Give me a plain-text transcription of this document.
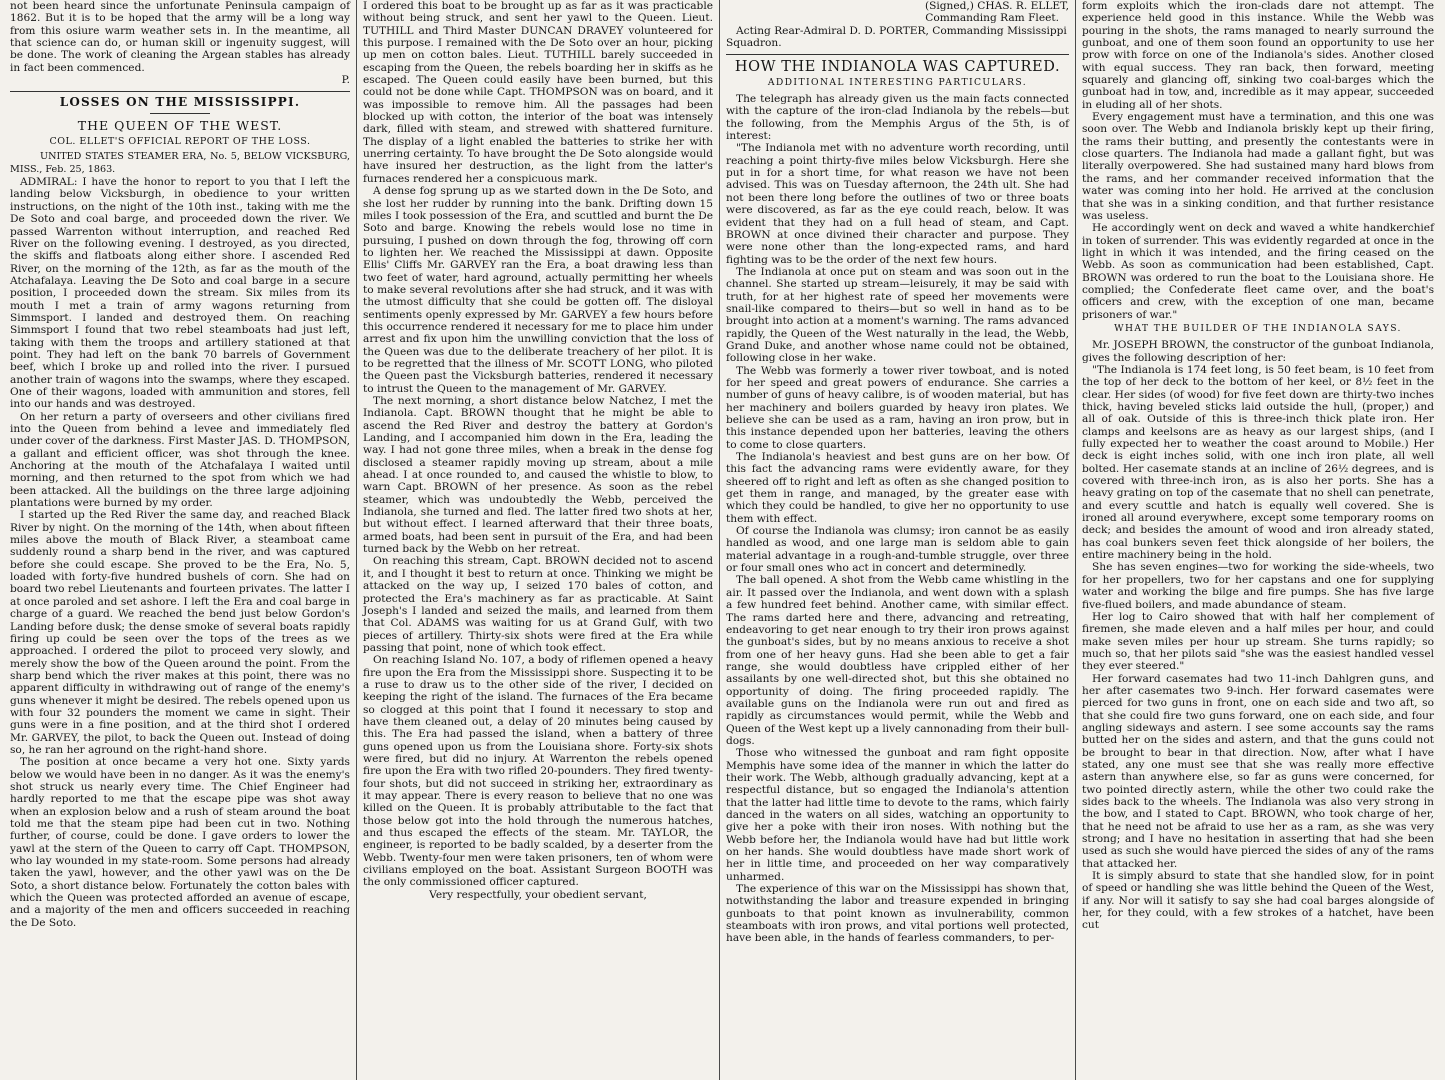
not been heard since the unfortunate Peninsula campaign of 1862. But it is to be hoped that the army will be a long way from this osiure warm weather sets in. In the meantime, all that science can do, or human skill or ingenuity suggest, will be done. The work of cleaning the Argean stables has already in fact been commenced.

P.

LOSSES ON THE MISSISSIPPI.
THE QUEEN OF THE WEST.
COL. ELLET'S OFFICIAL REPORT OF THE LOSS.

UNITED STATES STEAMER ERA, No. 5, BELOW VICKSBURG, MISS., Feb. 25, 1863.

ADMIRAL: I have the honor to report to you that I left the landing below Vicksburgh, in obedience to your written instructions, on the night of the 10th inst., taking with me the De Soto and coal barge, and proceeded down the river. We passed Warrenton without interruption, and reached Red River on the following evening. I destroyed, as you directed, the skiffs and flatboats along either shore. I ascended Red River, on the morning of the 12th, as far as the mouth of the Atchafalaya. Leaving the De Soto and coal barge in a secure position, I proceeded down the stream. Six miles from its mouth I met a train of army wagons returning from Simmsport. I landed and destroyed them. On reaching Simmsport I found that two rebel steamboats had just left, taking with them the troops and artillery stationed at that point. They had left on the bank 70 barrels of Government beef, which I broke up and rolled into the river. I pursued another train of wagons into the swamps, where they escaped. One of their wagons, loaded with ammunition and stores, fell into our hands and was destroyed.

On her return a party of overseers and other civilians fired into the Queen from behind a levee and immediately fled under cover of the darkness. First Master JAS. D. THOMPSON, a gallant and efficient officer, was shot through the knee. Anchoring at the mouth of the Atchafalaya I waited until morning, and then returned to the spot from which we had been attacked. All the buildings on the three large adjoining plantations were burned by my order.

I started up the Red River the same day, and reached Black River by night. On the morning of the 14th, when about fifteen miles above the mouth of Black River, a steamboat came suddenly round a sharp bend in the river, and was captured before she could escape. She proved to be the Era, No. 5, loaded with forty-five hundred bushels of corn. She had on board two rebel Lieutenants and fourteen privates. The latter I at once paroled and set ashore. I left the Era and coal barge in charge of a guard. We reached the bend just below Gordon's Landing before dusk; the dense smoke of several boats rapidly firing up could be seen over the tops of the trees as we approached. I ordered the pilot to proceed very slowly, and merely show the bow of the Queen around the point. From the sharp bend which the river makes at this point, there was no apparent difficulty in withdrawing out of range of the enemy's guns whenever it might be desired. The rebels opened upon us with four 32 pounders the moment we came in sight. Their guns were in a fine position, and at the third shot I ordered Mr. GARVEY, the pilot, to back the Queen out. Instead of doing so, he ran her aground on the right-hand shore.

The position at once became a very hot one. Sixty yards below we would have been in no danger. As it was the enemy's shot struck us nearly every time. The Chief Engineer had hardly reported to me that the escape pipe was shot away when an explosion below and a rush of steam around the boat told me that the steam pipe had been cut in two. Nothing further, of course, could be done. I gave orders to lower the yawl at the stern of the Queen to carry off Capt. THOMPSON, who lay wounded in my state-room. Some persons had already taken the yawl, however, and the other yawl was on the De Soto, a short distance below. Fortunately the cotton bales with which the Queen was protected afforded an avenue of escape, and a majority of the men and officers succeeded in reaching the De Soto.

I ordered this boat to be brought up as far as it was practicable without being struck, and sent her yawl to the Queen. Lieut. TUTHILL and Third Master DUNCAN DRAVEY volunteered for this purpose. I remained with the De Soto over an hour, picking up men on cotton bales. Lieut. TUTHILL barely succeeded in escaping from the Queen, the rebels boarding her in skiffs as he escaped. The Queen could easily have been burned, but this could not be done while Capt. THOMPSON was on board, and it was impossible to remove him. All the passages had been blocked up with cotton, the interior of the boat was intensely dark, filled with steam, and strewed with shattered furniture. The display of a light enabled the batteries to strike her with unerring certainty. To have brought the De Soto alongside would have insured her destruction, as the light from the latter's furnaces rendered her a conspicuous mark.

A dense fog sprung up as we started down in the De Soto, and she lost her rudder by running into the bank. Drifting down 15 miles I took possession of the Era, and scuttled and burnt the De Soto and barge. Knowing the rebels would lose no time in pursuing, I pushed on down through the fog, throwing off corn to lighten her. We reached the Mississippi at dawn. Opposite Ellis' Cliffs Mr. GARVEY ran the Era, a boat drawing less than two feet of water, hard aground, actually permitting her wheels to make several revolutions after she had struck, and it was with the utmost difficulty that she could be gotten off. The disloyal sentiments openly expressed by Mr. GARVEY a few hours before this occurrence rendered it necessary for me to place him under arrest and fix upon him the unwilling conviction that the loss of the Queen was due to the deliberate treachery of her pilot. It is to be regretted that the illness of Mr. SCOTT LONG, who piloted the Queen past the Vicksburgh batteries, rendered it necessary to intrust the Queen to the management of Mr. GARVEY.

The next morning, a short distance below Natchez, I met the Indianola. Capt. BROWN thought that he might be able to ascend the Red River and destroy the battery at Gordon's Landing, and I accompanied him down in the Era, leading the way. I had not gone three miles, when a break in the dense fog disclosed a steamer rapidly moving up stream, about a mile ahead. I at once rounded to, and caused the whistle to blow, to warn Capt. BROWN of her presence. As soon as the rebel steamer, which was undoubtedly the Webb, perceived the Indianola, she turned and fled. The latter fired two shots at her, but without effect. I learned afterward that their three boats, armed boats, had been sent in pursuit of the Era, and had been turned back by the Webb on her retreat.

On reaching this stream, Capt. BROWN decided not to ascend it, and I thought it best to return at once. Thinking we might be attacked on the way up, I seized 170 bales of cotton, and protected the Era's machinery as far as practicable. At Saint Joseph's I landed and seized the mails, and learned from them that Col. ADAMS was waiting for us at Grand Gulf, with two pieces of artillery. Thirty-six shots were fired at the Era while passing that point, none of which took effect.

On reaching Island No. 107, a body of riflemen opened a heavy fire upon the Era from the Mississippi shore. Suspecting it to be a ruse to draw us to the other side of the river, I decided on keeping the right of the island. The furnaces of the Era became so clogged at this point that I found it necessary to stop and have them cleaned out, a delay of 20 minutes being caused by this. The Era had passed the island, when a battery of three guns opened upon us from the Louisiana shore. Forty-six shots were fired, but did no injury. At Warrenton the rebels opened fire upon the Era with two rifled 20-pounders. They fired twenty-four shots, but did not succeed in striking her, extraordinary as it may appear. There is every reason to believe that no one was killed on the Queen. It is probably attributable to the fact that those below got into the hold through the numerous hatches, and thus escaped the effects of the steam. Mr. TAYLOR, the engineer, is reported to be badly scalded, by a deserter from the Webb. Twenty-four men were taken prisoners, ten of whom were civilians employed on the boat. Assistant Surgeon BOOTH was the only commissioned officer captured.

Very respectfully, your obedient servant,

(Signed,) CHAS. R. ELLET,
Commanding Ram Fleet.
Acting Rear-Admiral D. D. PORTER, Commanding Mississippi Squadron.
HOW THE INDIANOLA WAS CAPTURED.
ADDITIONAL INTERESTING PARTICULARS.

The telegraph has already given us the main facts connected with the capture of the iron-clad Indianola by the rebels—but the following, from the Memphis Argus of the 5th, is of interest:

"The Indianola met with no adventure worth recording, until reaching a point thirty-five miles below Vicksburgh. Here she put in for a short time, for what reason we have not been advised. This was on Tuesday afternoon, the 24th ult. She had not been there long before the outlines of two or three boats were discovered, as far as the eye could reach, below. It was evident that they had on a full head of steam, and Capt. BROWN at once divined their character and purpose. They were none other than the long-expected rams, and hard fighting was to be the order of the next few hours.

The Indianola at once put on steam and was soon out in the channel. She started up stream—leisurely, it may be said with truth, for at her highest rate of speed her movements were snail-like compared to theirs—but so well in hand as to be brought into action at a moment's warning. The rams advanced rapidly, the Queen of the West naturally in the lead, the Webb, Grand Duke, and another whose name could not be obtained, following close in her wake.

The Webb was formerly a tower river towboat, and is noted for her speed and great powers of endurance. She carries a number of guns of heavy calibre, is of wooden material, but has her machinery and boilers guarded by heavy iron plates. We believe she can be used as a ram, having an iron prow, but in this instance depended upon her batteries, leaving the others to come to close quarters.

The Indianola's heaviest and best guns are on her bow. Of this fact the advancing rams were evidently aware, for they sheered off to right and left as often as she changed position to get them in range, and managed, by the greater ease with which they could be handled, to give her no opportunity to use them with effect.

Of course the Indianola was clumsy; iron cannot be as easily handled as wood, and one large man is seldom able to gain material advantage in a rough-and-tumble struggle, over three or four small ones who act in concert and determinedly.

The ball opened. A shot from the Webb came whistling in the air. It passed over the Indianola, and went down with a splash a few hundred feet behind. Another came, with similar effect. The rams darted here and there, advancing and retreating, endeavoring to get near enough to try their iron prows against the gunboat's sides, but by no means anxious to receive a shot from one of her heavy guns. Had she been able to get a fair range, she would doubtless have crippled either of her assailants by one well-directed shot, but this she obtained no opportunity of doing. The firing proceeded rapidly. The available guns on the Indianola were run out and fired as rapidly as circumstances would permit, while the Webb and Queen of the West kept up a lively cannonading from their bull-dogs.

Those who witnessed the gunboat and ram fight opposite Memphis have some idea of the manner in which the latter do their work. The Webb, although gradually advancing, kept at a respectful distance, but so engaged the Indianola's attention that the latter had little time to devote to the rams, which fairly danced in the waters on all sides, watching an opportunity to give her a poke with their iron noses. With nothing but the Webb before her, the Indianola would have had but little work on her hands. She would doubtless have made short work of her in little time, and proceeded on her way comparatively unharmed.

The experience of this war on the Mississippi has shown that, notwithstanding the labor and treasure expended in bringing gunboats to that point known as invulnerability, common steamboats with iron prows, and vital portions well protected, have been able, in the hands of fearless commanders, to per-

form exploits which the iron-clads dare not attempt. The experience held good in this instance. While the Webb was pouring in the shots, the rams managed to nearly surround the gunboat, and one of them soon found an opportunity to use her prow with force on one of the Indianola's sides. Another closed with equal success. They ran back, then forward, meeting squarely and glancing off, sinking two coal-barges which the gunboat had in tow, and, incredible as it may appear, succeeded in eluding all of her shots.

Every engagement must have a termination, and this one was soon over. The Webb and Indianola briskly kept up their firing, the rams their butting, and presently the contestants were in close quarters. The Indianola had made a gallant fight, but was literally overpowered. She had sustained many hard blows from the rams, and her commander received information that the water was coming into her hold. He arrived at the conclusion that she was in a sinking condition, and that further resistance was useless.

He accordingly went on deck and waved a white handkerchief in token of surrender. This was evidently regarded at once in the light in which it was intended, and the firing ceased on the Webb. As soon as communication had been established, Capt. BROWN was ordered to run the boat to the Louisiana shore. He complied; the Confederate fleet came over, and the boat's officers and crew, with the exception of one man, became prisoners of war."

WHAT THE BUILDER OF THE INDIANOLA SAYS.

Mr. JOSEPH BROWN, the constructor of the gunboat Indianola, gives the following description of her:

"The Indianola is 174 feet long, is 50 feet beam, is 10 feet from the top of her deck to the bottom of her keel, or 8½ feet in the clear. Her sides (of wood) for five feet down are thirty-two inches thick, having beveled sticks laid outside the hull, (proper,) and all of oak. Outside of this is three-inch thick plate iron. Her clamps and keelsons are as heavy as our largest ships, (and I fully expected her to weather the coast around to Mobile.) Her deck is eight inches solid, with one inch iron plate, all well bolted. Her casemate stands at an incline of 26½ degrees, and is covered with three-inch iron, as is also her ports. She has a heavy grating on top of the casemate that no shell can penetrate, and every scuttle and hatch is equally well covered. She is ironed all around everywhere, except some temporary rooms on deck; and besides the amount of wood and iron already stated, has coal bunkers seven feet thick alongside of her boilers, the entire machinery being in the hold.

She has seven engines—two for working the side-wheels, two for her propellers, two for her capstans and one for supplying water and working the bilge and fire pumps. She has five large five-flued boilers, and made abundance of steam.

Her log to Cairo showed that with half her complement of firemen, she made eleven and a half miles per hour, and could make seven miles per hour up stream. She turns rapidly; so much so, that her pilots said "she was the easiest handled vessel they ever steered."

Her forward casemates had two 11-inch Dahlgren guns, and her after casemates two 9-inch. Her forward casemates were pierced for two guns in front, one on each side and two aft, so that she could fire two guns forward, one on each side, and four angling sideways and astern. I see some accounts say the rams butted her on the sides and astern, and that the guns could not be brought to bear in that direction. Now, after what I have stated, any one must see that she was really more effective astern than anywhere else, so far as guns were concerned, for two pointed directly astern, while the other two could rake the sides back to the wheels. The Indianola was also very strong in the bow, and I stated to Capt. BROWN, who took charge of her, that he need not be afraid to use her as a ram, as she was very strong; and I have no hesitation in asserting that had she been used as such she would have pierced the sides of any of the rams that attacked her.

It is simply absurd to state that she handled slow, for in point of speed or handling she was little behind the Queen of the West, if any. Nor will it satisfy to say she had coal barges alongside of her, for they could, with a few strokes of a hatchet, have been cut
